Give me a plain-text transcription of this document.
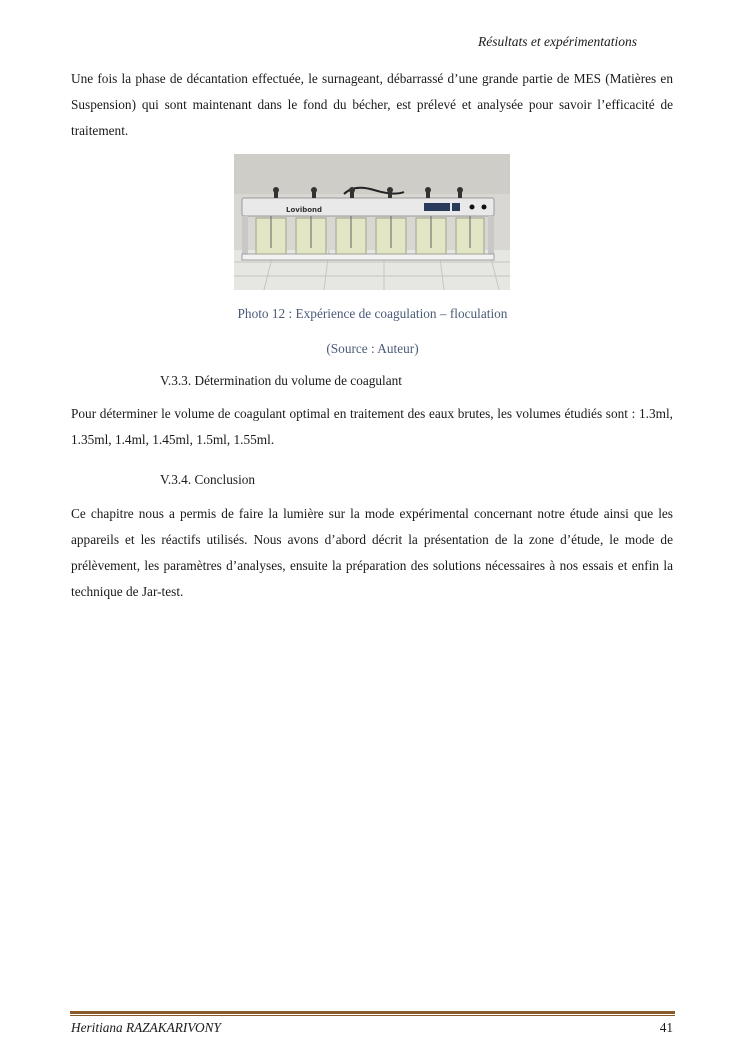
Résultats et expérimentations

Une fois la phase de décantation effectuée, le surnageant, débarrassé d’une grande partie de MES (Matières en Suspension) qui sont maintenant dans le fond du bécher, est prélevé et analysée pour savoir l’efficacité de traitement.

Lovibond
Photo 12 : Expérience de coagulation – floculation
(Source : Auteur)
V.3.3. Détermination du volume de coagulant

Pour déterminer le volume de coagulant optimal en traitement des eaux brutes, les volumes étudiés sont : 1.3ml, 1.35ml, 1.4ml, 1.45ml, 1.5ml, 1.55ml.

V.3.4. Conclusion

Ce chapitre nous a permis de faire la lumière sur la mode expérimental concernant notre étude ainsi que les appareils et les réactifs utilisés. Nous avons d’abord décrit la présentation de la zone d’étude, le mode de prélèvement, les paramètres d’analyses, ensuite la préparation des solutions nécessaires à nos essais et enfin la technique de Jar-test.

Heritiana RAZAKARIVONY	41
